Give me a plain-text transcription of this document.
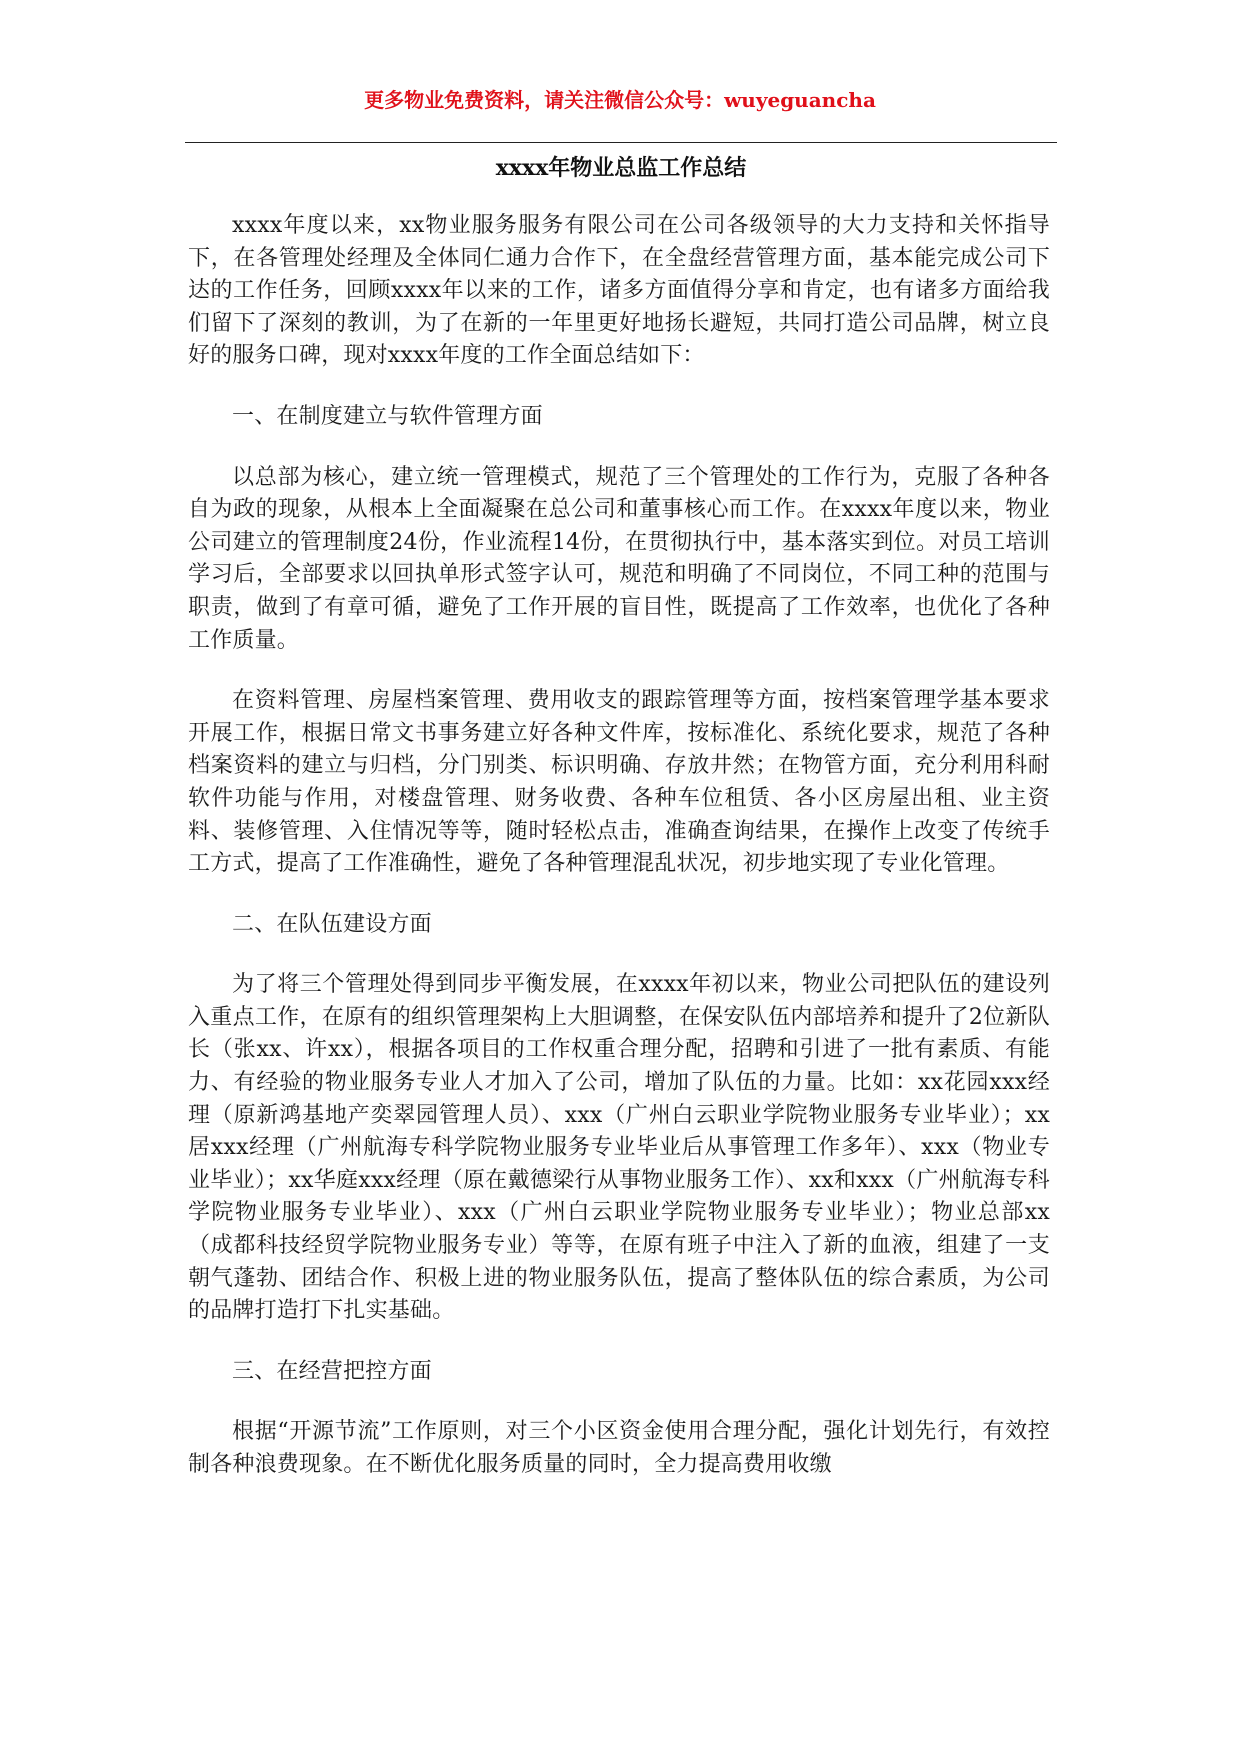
更多物业免费资料，请关注微信公众号：wuyeguancha
xxxx年物业总监工作总结

xxxx年度以来，xx物业服务服务有限公司在公司各级领导的大力支持和关怀指导下，在各管理处经理及全体同仁通力合作下，在全盘经营管理方面，基本能完成公司下达的工作任务，回顾xxxx年以来的工作，诸多方面值得分享和肯定，也有诸多方面给我们留下了深刻的教训，为了在新的一年里更好地扬长避短，共同打造公司品牌，树立良好的服务口碑，现对xxxx年度的工作全面总结如下：

一、在制度建立与软件管理方面

以总部为核心，建立统一管理模式，规范了三个管理处的工作行为，克服了各种各自为政的现象，从根本上全面凝聚在总公司和董事核心而工作。在xxxx年度以来，物业公司建立的管理制度24份，作业流程14份，在贯彻执行中，基本落实到位。对员工培训学习后，全部要求以回执单形式签字认可，规范和明确了不同岗位，不同工种的范围与职责，做到了有章可循，避免了工作开展的盲目性，既提高了工作效率，也优化了各种工作质量。

在资料管理、房屋档案管理、费用收支的跟踪管理等方面，按档案管理学基本要求开展工作，根据日常文书事务建立好各种文件库，按标准化、系统化要求，规范了各种档案资料的建立与归档，分门别类、标识明确、存放井然；在物管方面，充分利用科耐软件功能与作用，对楼盘管理、财务收费、各种车位租赁、各小区房屋出租、业主资料、装修管理、入住情况等等，随时轻松点击，准确查询结果，在操作上改变了传统手工方式，提高了工作准确性，避免了各种管理混乱状况，初步地实现了专业化管理。

二、在队伍建设方面

为了将三个管理处得到同步平衡发展，在xxxx年初以来，物业公司把队伍的建设列入重点工作，在原有的组织管理架构上大胆调整，在保安队伍内部培养和提升了2位新队长（张xx、许xx），根据各项目的工作权重合理分配，招聘和引进了一批有素质、有能力、有经验的物业服务专业人才加入了公司，增加了队伍的力量。比如：xx花园xxx经理（原新鸿基地产奕翠园管理人员）、xxx（广州白云职业学院物业服务专业毕业）；xx居xxx经理（广州航海专科学院物业服务专业毕业后从事管理工作多年）、xxx（物业专业毕业）；xx华庭xxx经理（原在戴德梁行从事物业服务工作）、xx和xxx（广州航海专科学院物业服务专业毕业）、xxx（广州白云职业学院物业服务专业毕业）；物业总部xx（成都科技经贸学院物业服务专业）等等，在原有班子中注入了新的血液，组建了一支朝气蓬勃、团结合作、积极上进的物业服务队伍，提高了整体队伍的综合素质，为公司的品牌打造打下扎实基础。

三、在经营把控方面

根据“开源节流”工作原则，对三个小区资金使用合理分配，强化计划先行，有效控制各种浪费现象。在不断优化服务质量的同时，全力提高费用收缴
